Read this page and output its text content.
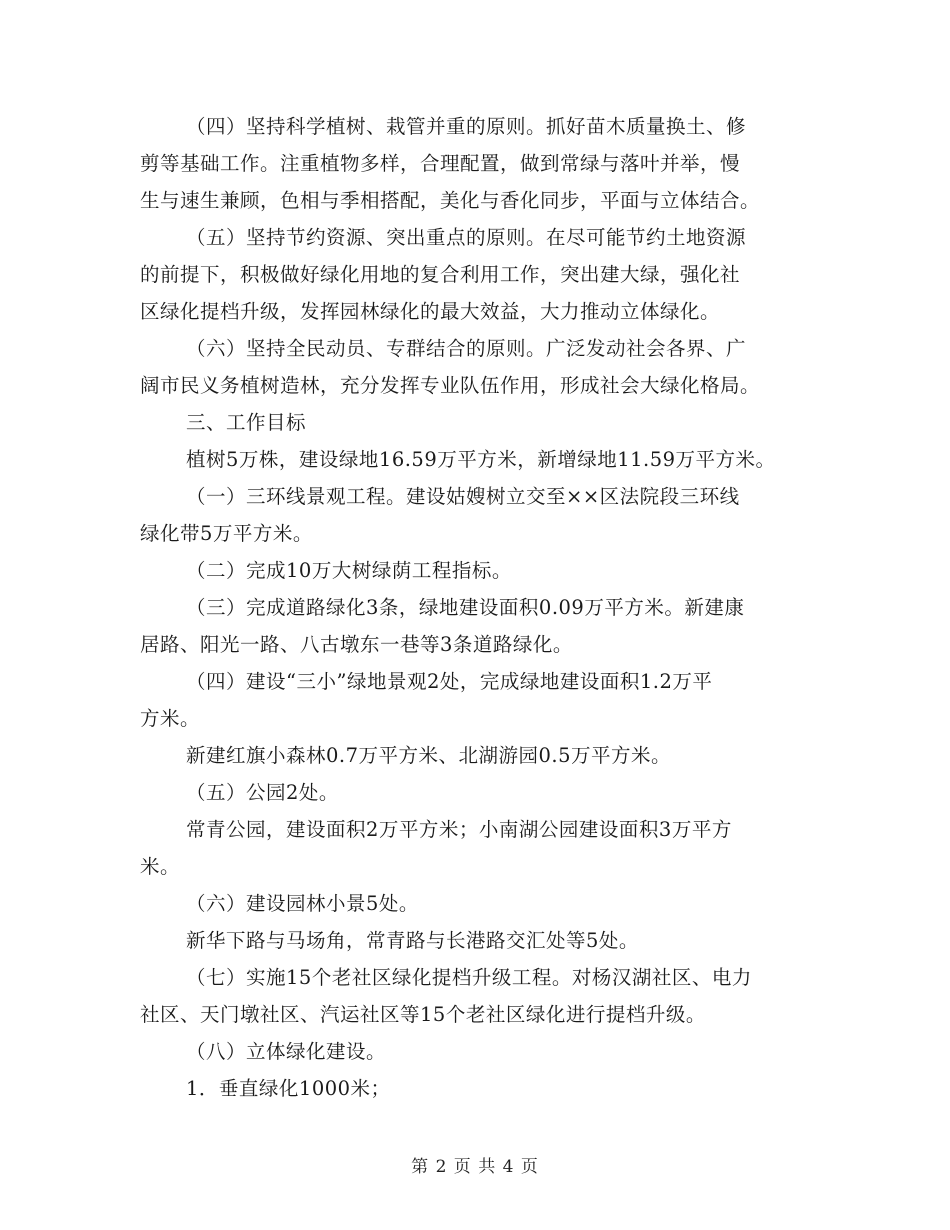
（四）坚持科学植树、栽管并重的原则。抓好苗木质量换土、修
剪等基础工作。注重植物多样，合理配置，做到常绿与落叶并举，慢
生与速生兼顾，色相与季相搭配，美化与香化同步，平面与立体结合。
（五）坚持节约资源、突出重点的原则。在尽可能节约土地资源
的前提下，积极做好绿化用地的复合利用工作，突出建大绿，强化社
区绿化提档升级，发挥园林绿化的最大效益，大力推动立体绿化。
（六）坚持全民动员、专群结合的原则。广泛发动社会各界、广
阔市民义务植树造林，充分发挥专业队伍作用，形成社会大绿化格局。
三、工作目标
植树5万株，建设绿地16.59万平方米，新增绿地11.59万平方米。
（一）三环线景观工程。建设姑嫂树立交至××区法院段三环线
绿化带5万平方米。
（二）完成10万大树绿荫工程指标。
（三）完成道路绿化3条，绿地建设面积0.09万平方米。新建康
居路、阳光一路、八古墩东一巷等3条道路绿化。
（四）建设“三小”绿地景观2处，完成绿地建设面积1.2万平
方米。
新建红旗小森林0.7万平方米、北湖游园0.5万平方米。
（五）公园2处。
常青公园，建设面积2万平方米；小南湖公园建设面积3万平方
米。
（六）建设园林小景5处。
新华下路与马场角，常青路与长港路交汇处等5处。
（七）实施15个老社区绿化提档升级工程。对杨汉湖社区、电力
社区、天门墩社区、汽运社区等15个老社区绿化进行提档升级。
（八）立体绿化建设。
1．垂直绿化1000米；
第 2 页 共 4 页
